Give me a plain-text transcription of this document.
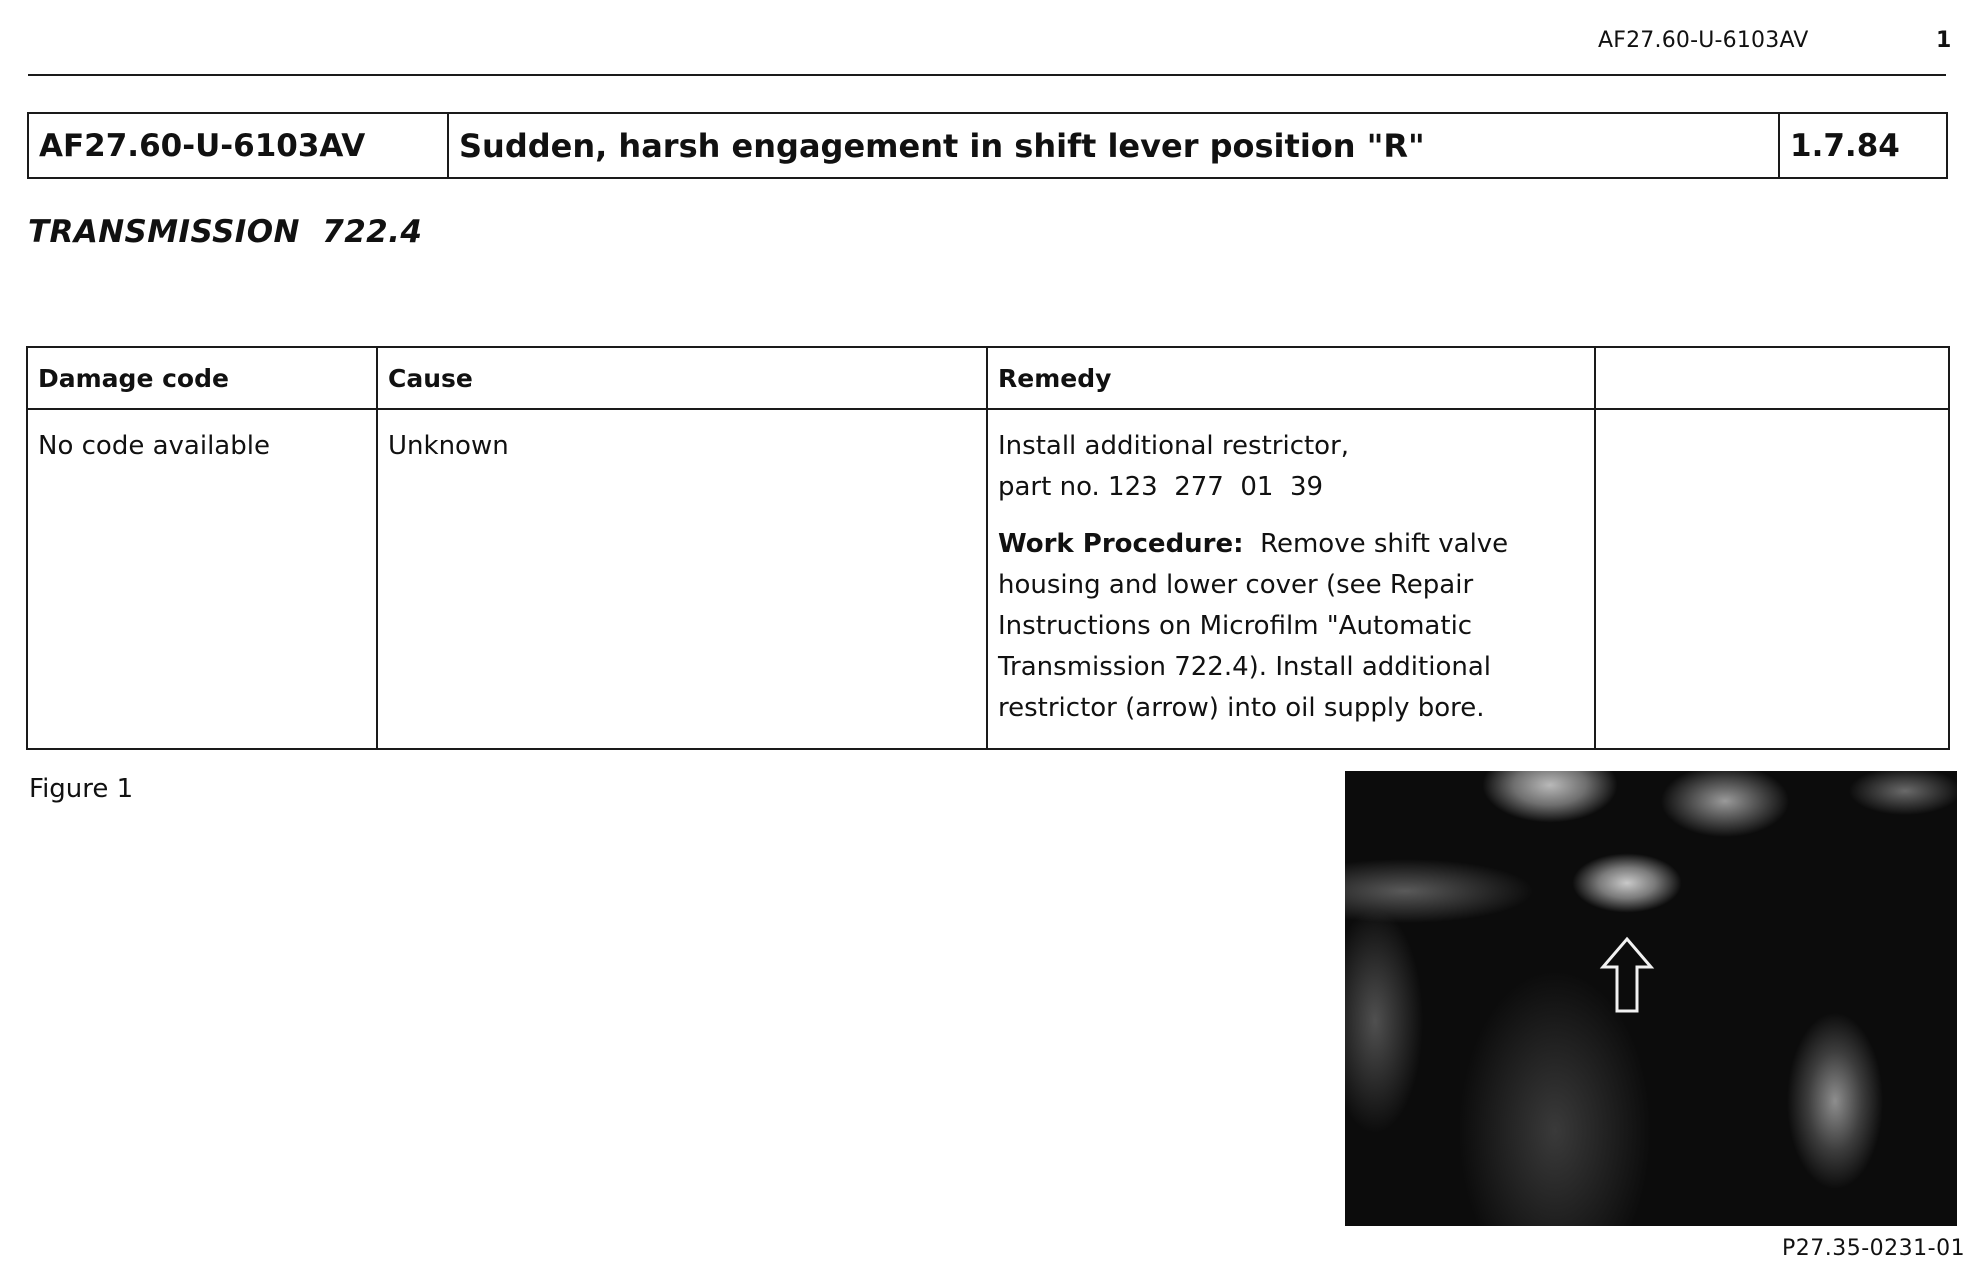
AF27.60-U-6103AV	1
AF27.60-U-6103AV	Sudden, harsh engagement in shift lever position "R"	1.7.84
TRANSMISSION  722.4
Damage code	Cause	Remedy	
No code available	Unknown	Install additional restrictor,
part no. 123  277  01  39

Work Procedure: Remove shift valve housing and lower cover (see Repair Instructions on Microfilm "Automatic Transmission 722.4). Install additional restrictor (arrow) into oil supply bore.	

Figure 1
P27.35-0231-01
